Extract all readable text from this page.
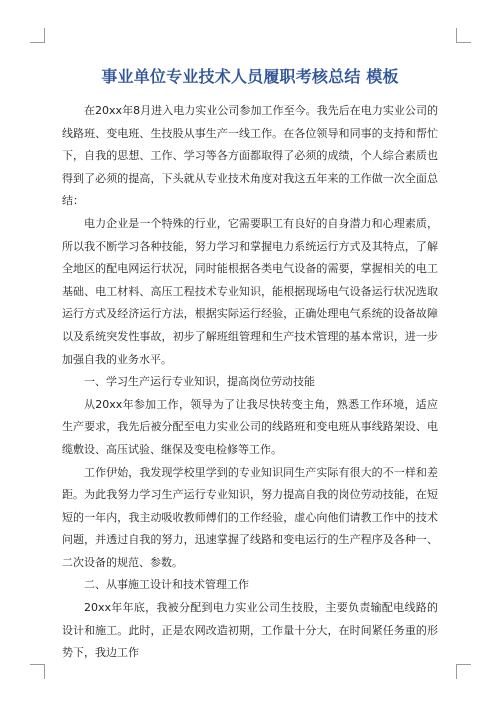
事业单位专业技术人员履职考核总结 模板

在20xx年8月进入电力实业公司参加工作至今。我先后在电力实业公司的线路班、变电班、生技股从事生产一线工作。在各位领导和同事的支持和帮忙下，自我的思想、工作、学习等各方面都取得了必须的成绩，个人综合素质也得到了必须的提高，下头就从专业技术角度对我这五年来的工作做一次全面总结：

电力企业是一个特殊的行业，它需要职工有良好的自身潜力和心理素质，所以我不断学习各种技能，努力学习和掌握电力系统运行方式及其特点，了解全地区的配电网运行状况，同时能根据各类电气设备的需要，掌握相关的电工基础、电工材料、高压工程技术专业知识，能根据现场电气设备运行状况选取运行方式及经济运行方法，根据实际运行经验，正确处理电气系统的设备故障以及系统突发性事故，初步了解班组管理和生产技术管理的基本常识，进一步加强自我的业务水平。

一、学习生产运行专业知识，提高岗位劳动技能

从20xx年参加工作，领导为了让我尽快转变主角，熟悉工作环境，适应生产要求，我先后被分配至电力实业公司的线路班和变电班从事线路架设、电缆敷设、高压试验、继保及变电检修等工作。

工作伊始，我发现学校里学到的专业知识同生产实际有很大的不一样和差距。为此我努力学习生产运行专业知识，努力提高自我的岗位劳动技能，在短短的一年内，我主动吸收教师傅们的工作经验，虚心向他们请教工作中的技术问题，并透过自我的努力，迅速掌握了线路和变电运行的生产程序及各种一、二次设备的规范、参数。

二、从事施工设计和技术管理工作

20xx年年底，我被分配到电力实业公司生技股，主要负责输配电线路的设计和施工。此时，正是农网改造初期，工作量十分大，在时间紧任务重的形势下，我边工作
